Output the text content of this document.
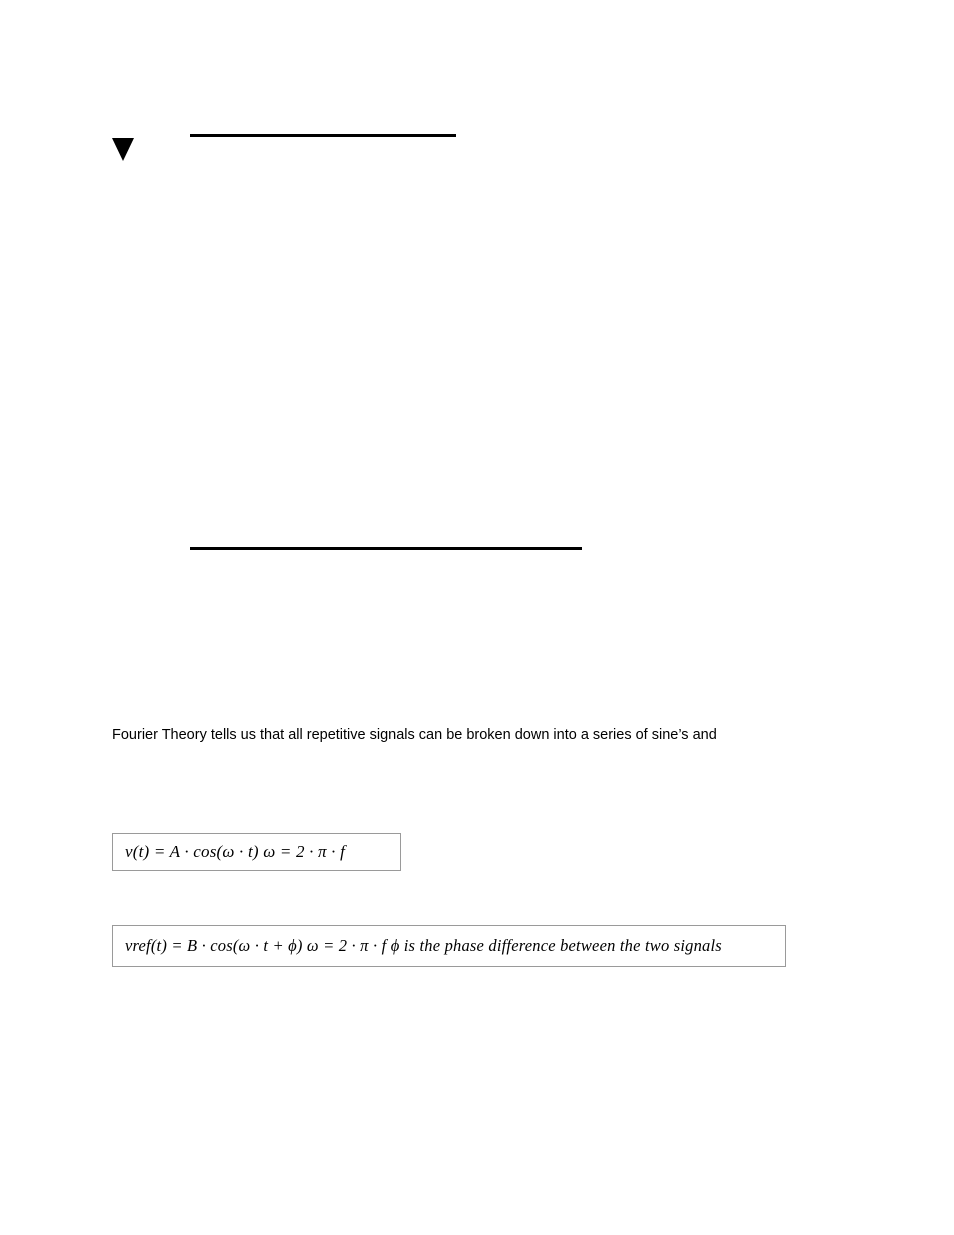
Fourier Theory tells us that all repetitive signals can be broken down into a series of sine’s and
v(t) = A · cos(ω · t) ω = 2 · π · f
vref(t) = B · cos(ω · t + ϕ) ω = 2 · π · f ϕ is the phase difference between the two signals
